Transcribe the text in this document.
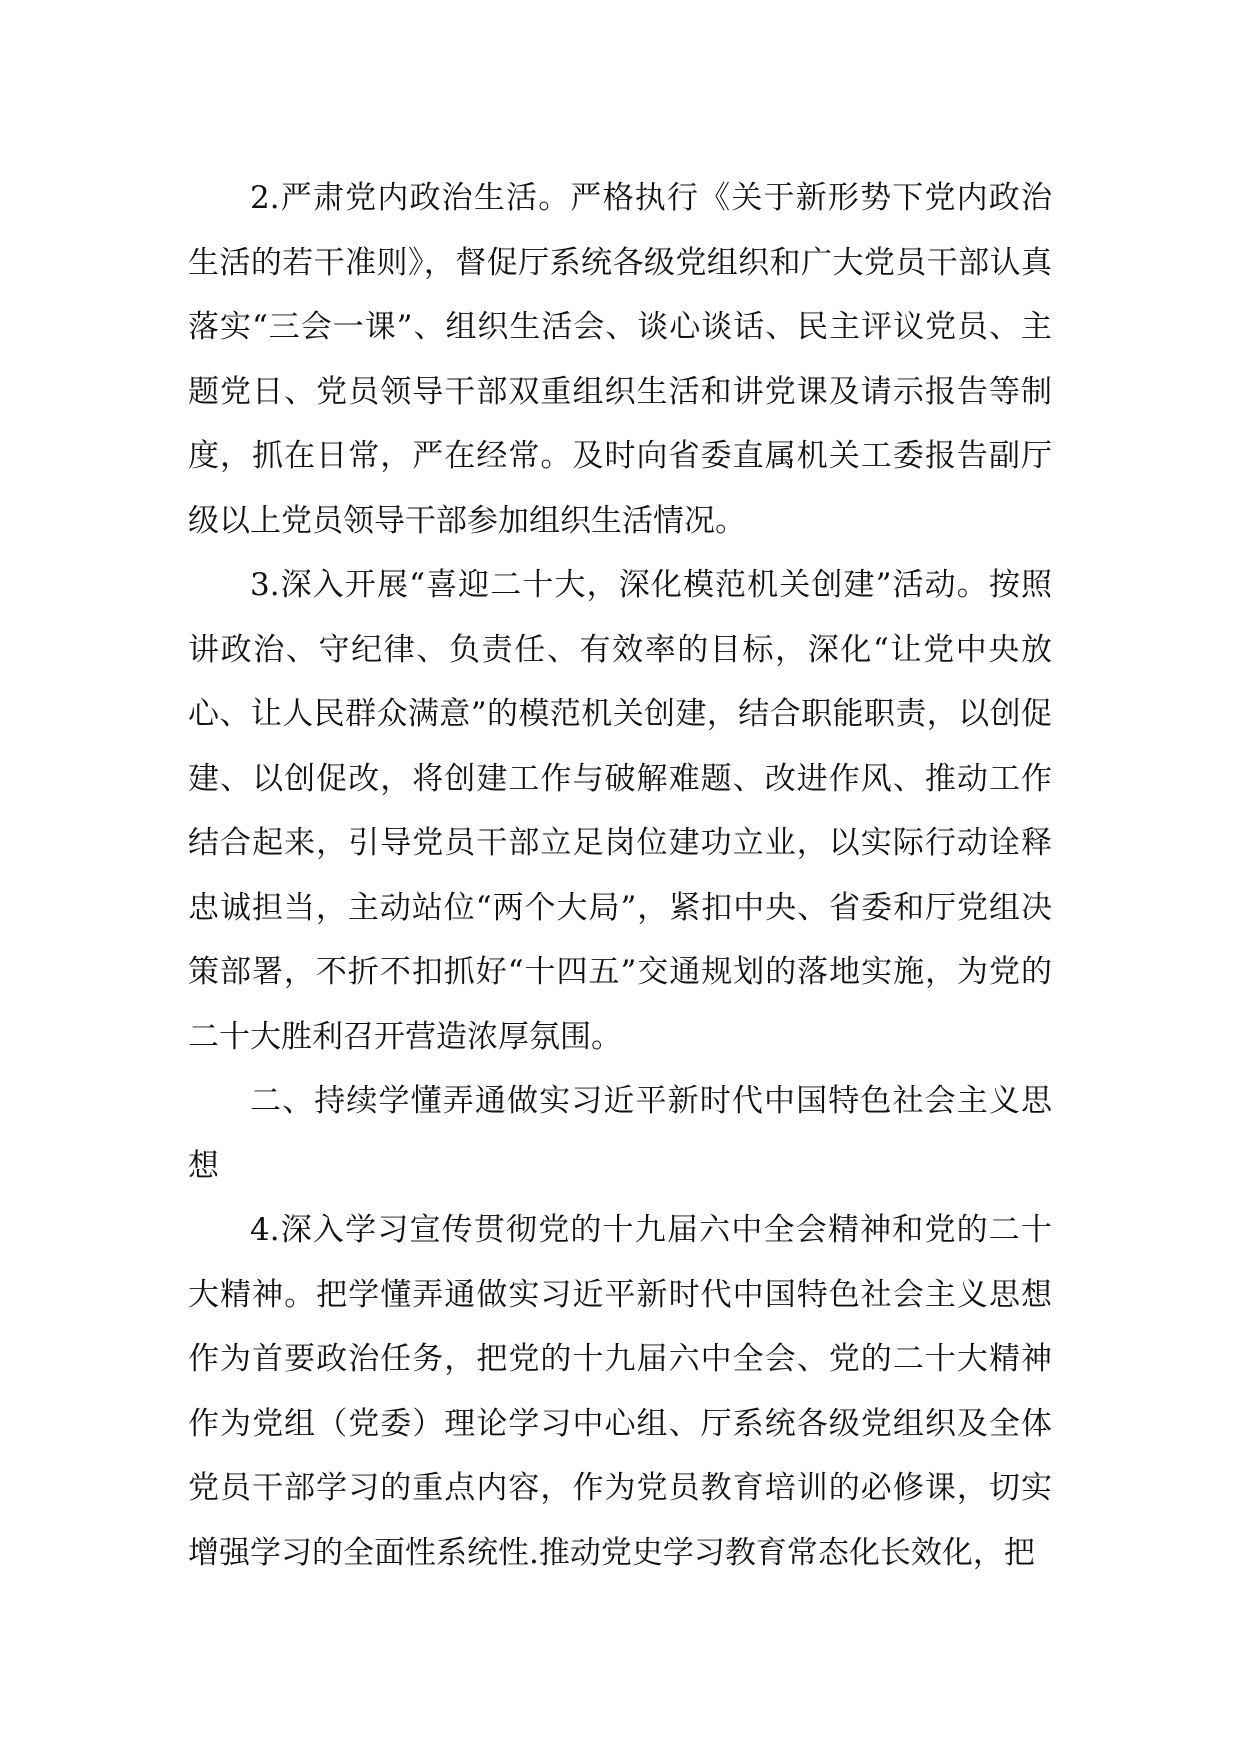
2.严肃党内政治生活。严格执行《关于新形势下党内政治生活的若干准则》，督促厅系统各级党组织和广大党员干部认真落实“三会一课”、组织生活会、谈心谈话、民主评议党员、主题党日、党员领导干部双重组织生活和讲党课及请示报告等制度，抓在日常，严在经常。及时向省委直属机关工委报告副厅级以上党员领导干部参加组织生活情况。

3.深入开展“喜迎二十大，深化模范机关创建”活动。按照讲政治、守纪律、负责任、有效率的目标，深化“让党中央放心、让人民群众满意”的模范机关创建，结合职能职责，以创促建、以创促改，将创建工作与破解难题、改进作风、推动工作结合起来，引导党员干部立足岗位建功立业，以实际行动诠释忠诚担当，主动站位“两个大局”，紧扣中央、省委和厅党组决策部署，不折不扣抓好“十四五”交通规划的落地实施，为党的二十大胜利召开营造浓厚氛围。

二、持续学懂弄通做实习近平新时代中国特色社会主义思想

4.深入学习宣传贯彻党的十九届六中全会精神和党的二十大精神。把学懂弄通做实习近平新时代中国特色社会主义思想作为首要政治任务，把党的十九届六中全会、党的二十大精神作为党组（党委）理论学习中心组、厅系统各级党组织及全体党员干部学习的重点内容，作为党员教育培训的必修课，切实增强学习的全面性系统性.推动党史学习教育常态化长效化，把
